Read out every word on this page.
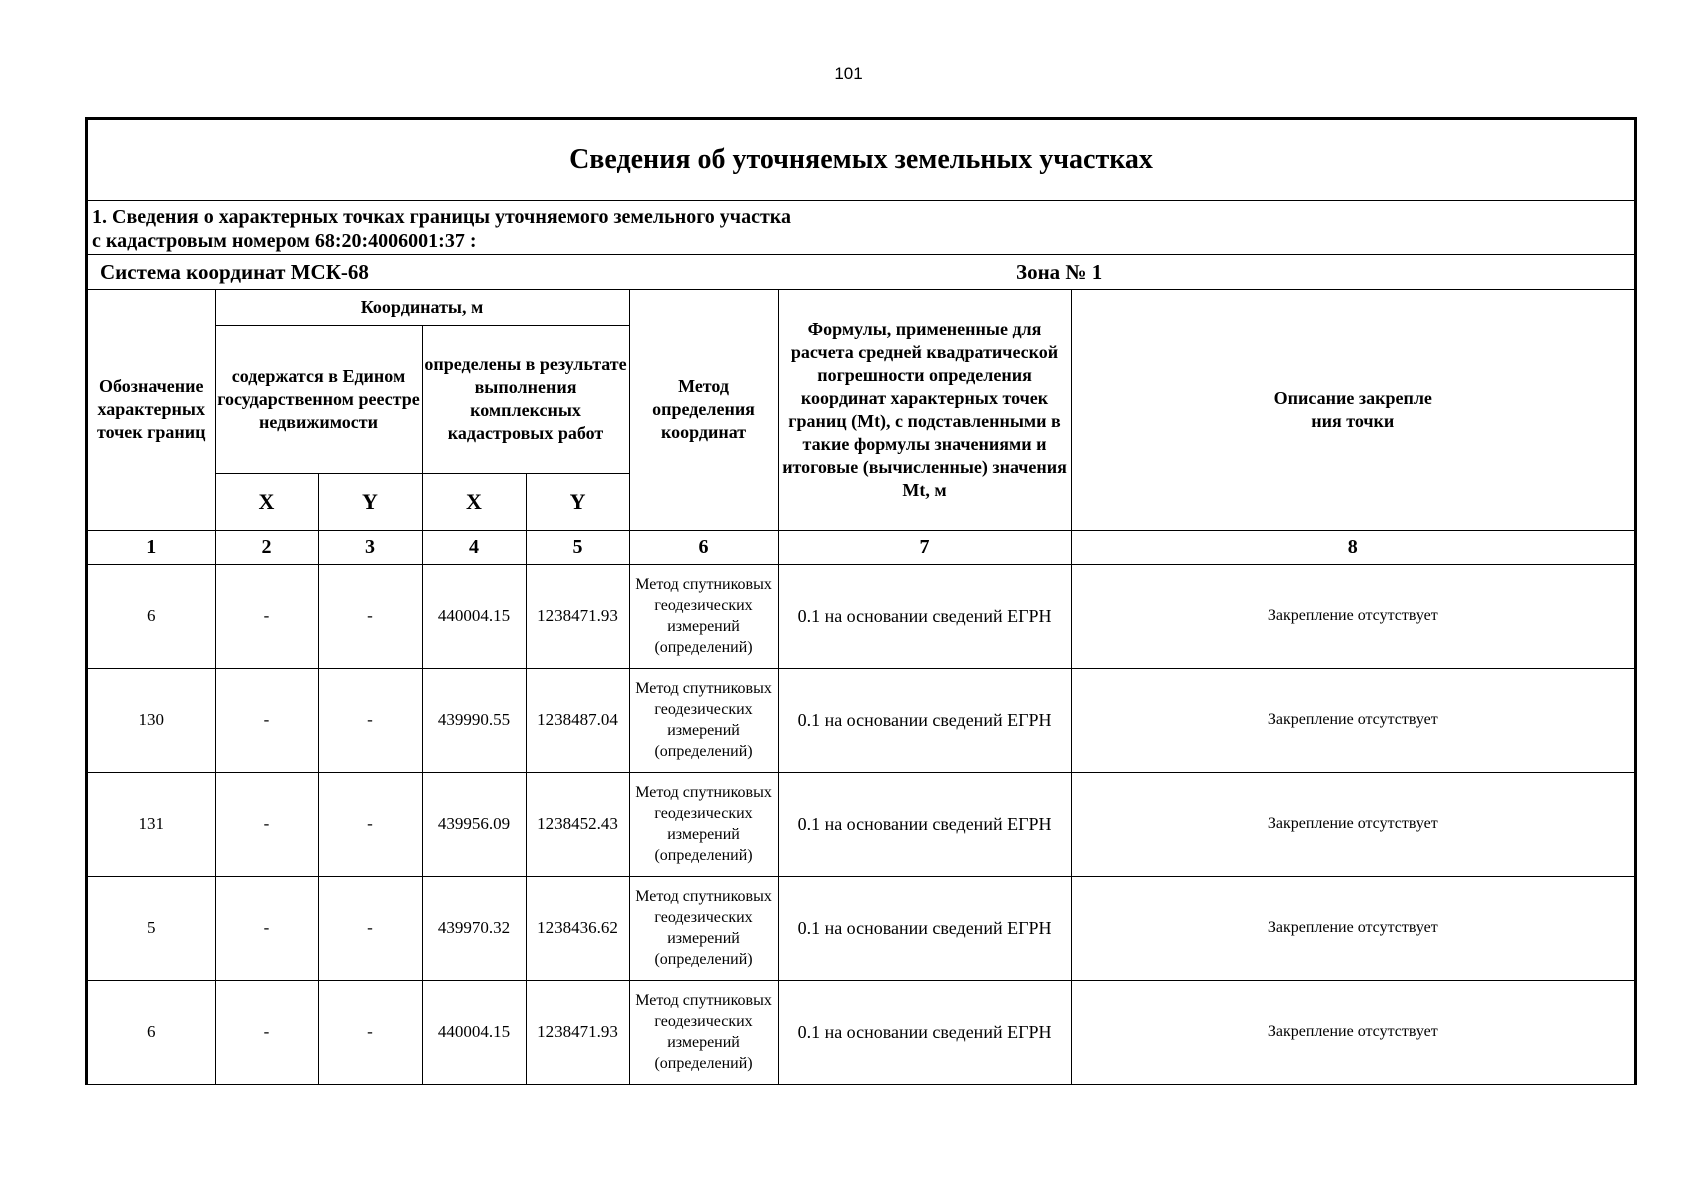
101
Сведения об уточняемых земельных участках
1. Сведения о характерных точках границы уточняемого земельного участка
с кадастровым номером 68:20:4006001:37 :
Система координат МСК-68	Зона № 1
Обозначение характерных точек границ	Координаты, м				Метод определения координат	Формулы, примененные для расчета средней квадратической погрешности определения координат характерных точек границ (Mt), с подставленными в такие формулы значениями и итоговые (вычисленные) значения Mt, м	Описание закрепле
ния точки

	содержатся в Едином государственном реестре недвижимости		определены в результате выполнения комплексных кадастровых работ				
	X	Y	X	Y			
1	2	3	4	5	6	7	8
6	-	-	440004.15	1238471.93	Метод спутниковых геодезических измерений (определений)	0.1 на основании сведений ЕГРН	Закрепление отсутствует
130	-	-	439990.55	1238487.04	Метод спутниковых геодезических измерений (определений)	0.1 на основании сведений ЕГРН	Закрепление отсутствует
131	-	-	439956.09	1238452.43	Метод спутниковых геодезических измерений (определений)	0.1 на основании сведений ЕГРН	Закрепление отсутствует
5	-	-	439970.32	1238436.62	Метод спутниковых геодезических измерений (определений)	0.1 на основании сведений ЕГРН	Закрепление отсутствует
6	-	-	440004.15	1238471.93	Метод спутниковых геодезических измерений (определений)	0.1 на основании сведений ЕГРН	Закрепление отсутствует
